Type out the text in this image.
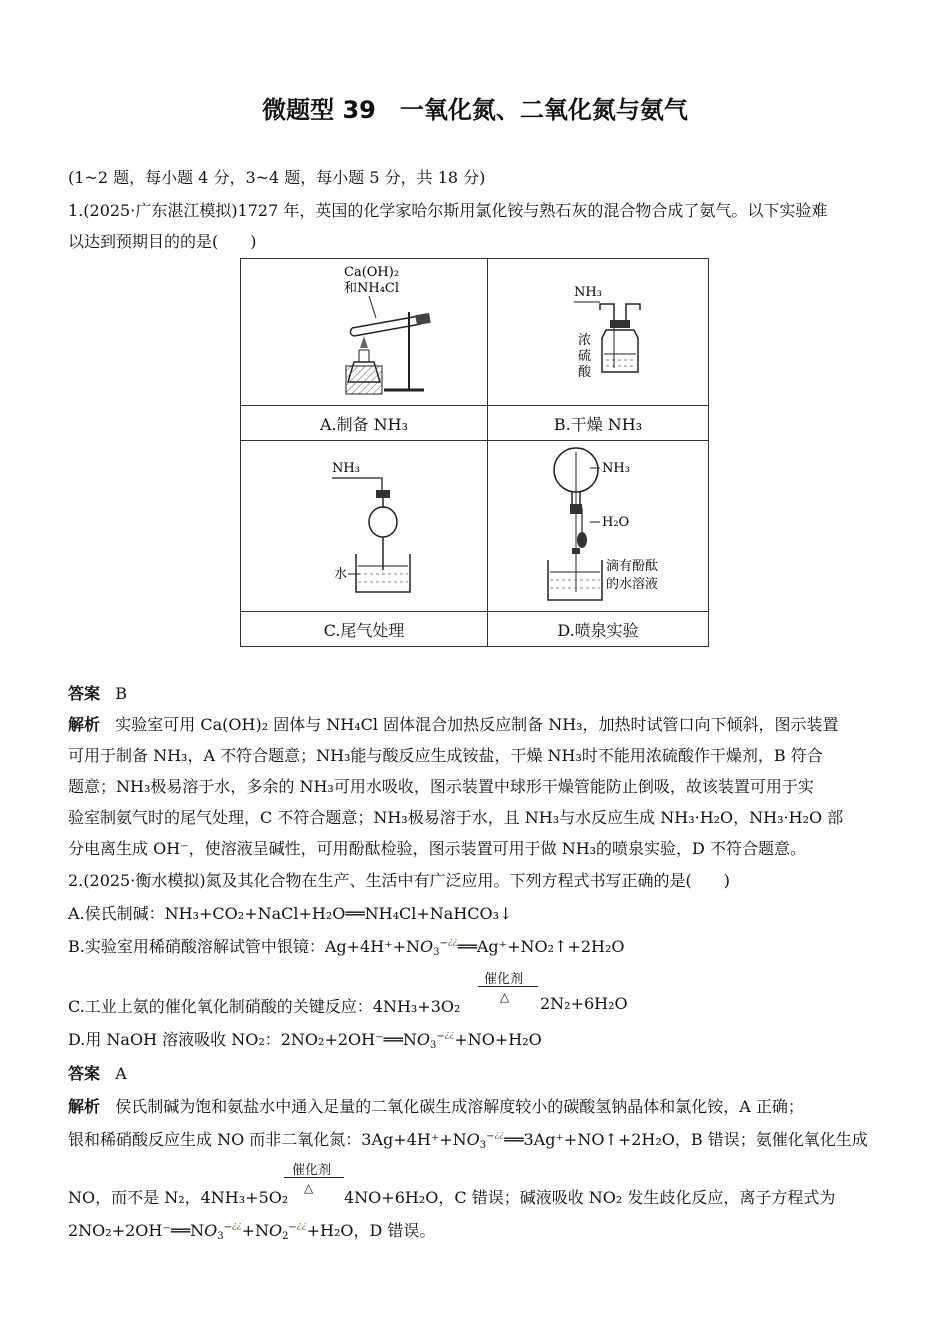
微题型 39　一氧化氮、二氧化氮与氨气
(1~2 题，每小题 4 分，3~4 题，每小题 5 分，共 18 分)
1.(2025·广东湛江模拟)1727 年，英国的化学家哈尔斯用氯化铵与熟石灰的混合物合成了氨气。以下实验难
以达到预期目的的是(　　)
Ca(OH)₂
和NH₄Cl	NH₃
浓
硫
酸

A.制备 NH₃	B.干燥 NH₃

NH₃
水	NH₃
H₂O
滴有酚酞
的水溶液

C.尾气处理	D.喷泉实验
答案 B
解析 实验室可用 Ca(OH)₂ 固体与 NH₄Cl 固体混合加热反应制备 NH₃，加热时试管口向下倾斜，图示装置
可用于制备 NH₃，A 不符合题意；NH₃能与酸反应生成铵盐，干燥 NH₃时不能用浓硫酸作干燥剂，B 符合
题意；NH₃极易溶于水，多余的 NH₃可用水吸收，图示装置中球形干燥管能防止倒吸，故该装置可用于实
验室制氨气时的尾气处理，C 不符合题意；NH₃极易溶于水，且 NH₃与水反应生成 NH₃·H₂O，NH₃·H₂O 部
分电离生成 OH⁻，使溶液呈碱性，可用酚酞检验，图示装置可用于做 NH₃的喷泉实验，D 不符合题意。
2.(2025·衡水模拟)氮及其化合物在生产、生活中有广泛应用。下列方程式书写正确的是(　　)
A.侯氏制碱：NH₃+CO₂+NaCl+H₂O══NH₄Cl+NaHCO₃↓
B.实验室用稀硝酸溶解试管中银镜：$Ag+4H^++NO_3^{-¿¿}══Ag^++NO_2↑+2H_2O$
催化剂
△
C.工业上氨的催化氧化制硝酸的关键反应：4NH₃+3O₂	2N₂+6H₂O
D.用 NaOH 溶液吸收 NO₂：$2NO_2+2OH^-══NO_3^{-¿¿}+NO+H_2O$
答案 A
解析 侯氏制碱为饱和氨盐水中通入足量的二氧化碳生成溶解度较小的碳酸氢钠晶体和氯化铵，A 正确；
银和稀硝酸反应生成 NO 而非二氧化氮：$3Ag+4H^++NO_3^{-¿¿}══3Ag^++NO↑+2H_2O$，B 错误；氨催化氧化生成
催化剂
△
NO，而不是 N₂，4NH₃+5O₂	4NO+6H₂O，C 错误；碱液吸收 NO₂ 发生歧化反应，离子方程式为
$2NO_2+2OH^-══NO_3^{-¿¿}+NO_2^{-¿¿}+H_2O$，D 错误。
